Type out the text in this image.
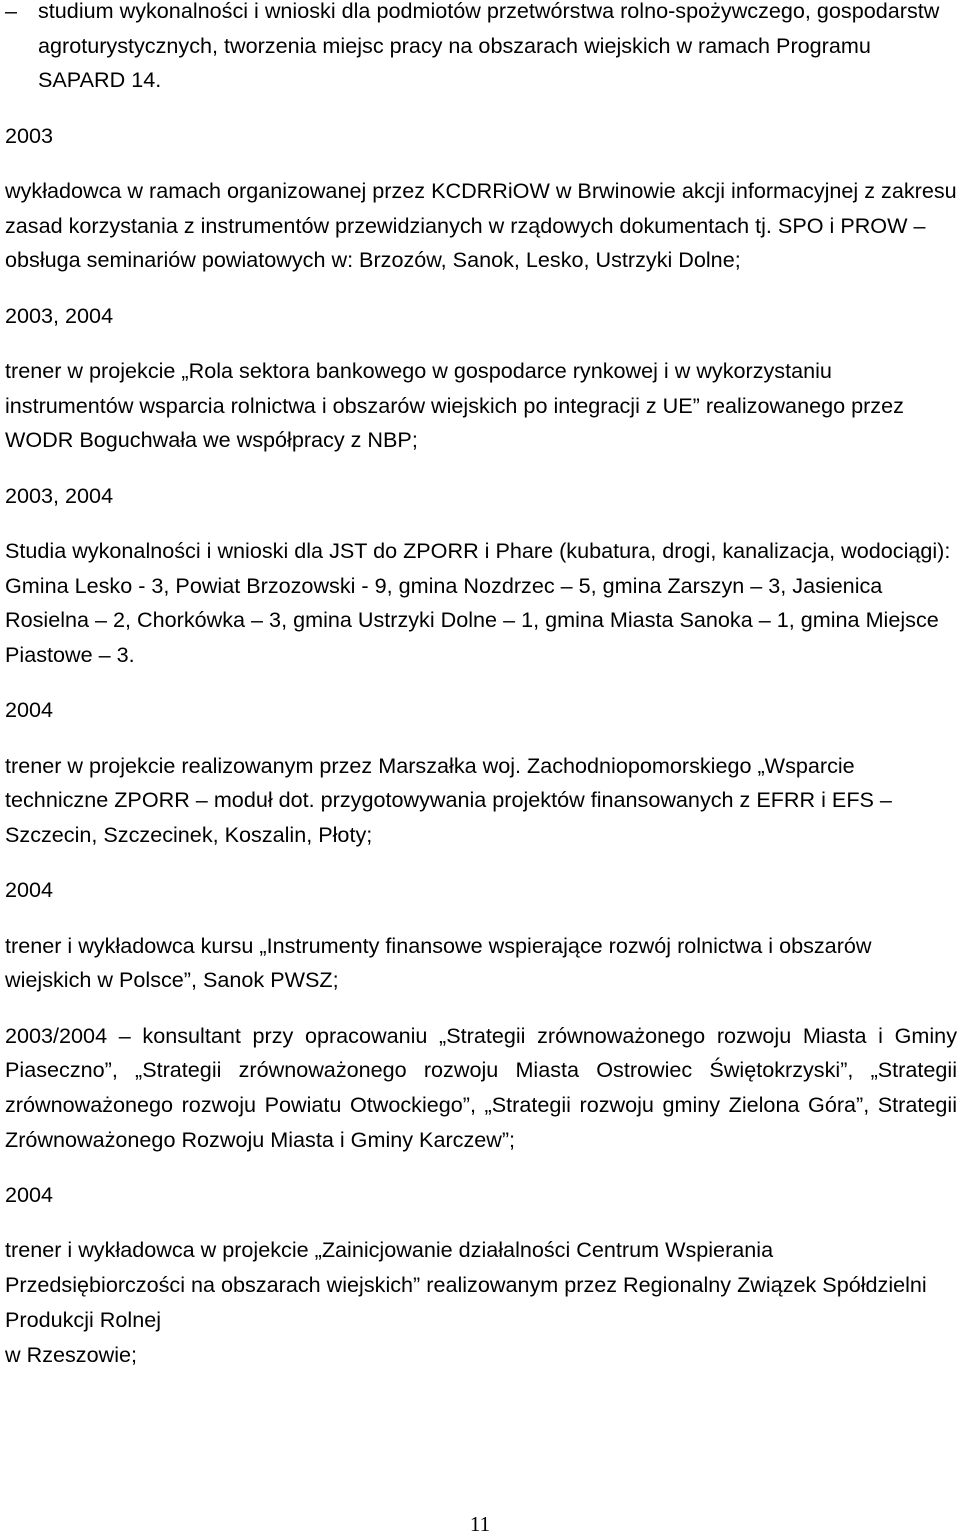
– studium wykonalności i wnioski dla podmiotów przetwórstwa rolno-spożywczego, gospodarstw agroturystycznych, tworzenia miejsc pracy na obszarach wiejskich w ramach Programu SAPARD 14.

2003

wykładowca w ramach organizowanej przez KCDRRiOW w Brwinowie akcji informacyjnej z zakresu zasad korzystania z instrumentów przewidzianych w rządowych dokumentach tj. SPO i PROW – obsługa seminariów powiatowych w: Brzozów, Sanok, Lesko, Ustrzyki Dolne;

2003, 2004

trener w projekcie „Rola sektora bankowego w gospodarce rynkowej i w wykorzystaniu instrumentów wsparcia rolnictwa i obszarów wiejskich po integracji z UE” realizowanego przez WODR Boguchwała we współpracy z NBP;

2003, 2004

Studia wykonalności i wnioski dla JST do ZPORR i Phare (kubatura, drogi, kanalizacja, wodociągi): Gmina Lesko - 3, Powiat Brzozowski - 9, gmina Nozdrzec – 5, gmina Zarszyn – 3, Jasienica Rosielna – 2, Chorkówka – 3, gmina Ustrzyki Dolne – 1, gmina Miasta Sanoka – 1, gmina Miejsce Piastowe – 3.

2004

trener w projekcie realizowanym przez Marszałka woj. Zachodniopomorskiego „Wsparcie techniczne ZPORR – moduł dot. przygotowywania projektów finansowanych z EFRR i EFS – Szczecin, Szczecinek, Koszalin, Płoty;

2004

trener i wykładowca kursu „Instrumenty finansowe wspierające rozwój rolnictwa i obszarów wiejskich w Polsce”, Sanok PWSZ;

2003/2004 – konsultant przy opracowaniu „Strategii zrównoważonego rozwoju Miasta i Gminy Piaseczno”, „Strategii zrównoważonego rozwoju Miasta Ostrowiec Świętokrzyski”, „Strategii zrównoważonego rozwoju Powiatu Otwockiego”, „Strategii rozwoju gminy Zielona Góra”, Strategii Zrównoważonego Rozwoju Miasta i Gminy Karczew”;

2004

trener i wykładowca w projekcie „Zainicjowanie działalności Centrum Wspierania Przedsiębiorczości na obszarach wiejskich” realizowanym przez Regionalny Związek Spółdzielni Produkcji Rolnej

w Rzeszowie;

11
